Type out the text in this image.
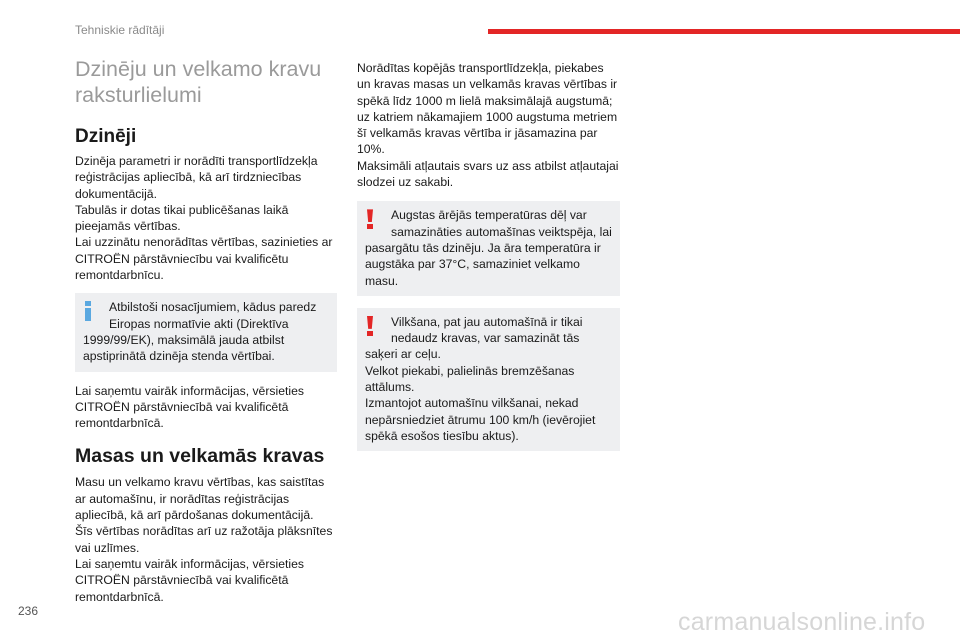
Tehniskie rādītāji
Dzinēju un velkamo kravu raksturlielumi
Dzinēji

Dzinēja parametri ir norādīti transportlīdzekļa reģistrācijas apliecībā, kā arī tirdzniecības dokumentācijā.
Tabulās ir dotas tikai publicēšanas laikā pieejamās vērtības.
Lai uzzinātu nenorādītas vērtības, sazinieties ar CITROËN pārstāvniecību vai kvalificētu remontdarbnīcu.

Atbilstoši nosacījumiem, kādus paredz Eiropas normatīvie akti (Direktīva

1999/99/EK), maksimālā jauda atbilst apstiprinātā dzinēja stenda vērtībai.

Lai saņemtu vairāk informācijas, vērsieties CITROËN pārstāvniecībā vai kvalificētā remontdarbnīcā.

Masas un velkamās kravas

Masu un velkamo kravu vērtības, kas saistītas ar automašīnu, ir norādītas reģistrācijas apliecībā, kā arī pārdošanas dokumentācijā.
Šīs vērtības norādītas arī uz ražotāja plāksnītes vai uzlīmes.
Lai saņemtu vairāk informācijas, vērsieties CITROËN pārstāvniecībā vai kvalificētā remontdarbnīcā.

Norādītas kopējās transportlīdzekļa, piekabes un kravas masas un velkamās kravas vērtības ir spēkā līdz 1000 m lielā maksimālajā augstumā; uz katriem nākamajiem 1000 augstuma metriem šī velkamās kravas vērtība ir jāsamazina par 10%.
Maksimāli atļautais svars uz ass atbilst atļautajai slodzei uz sakabi.

Augstas ārējās temperatūras dēļ var
samazināties automašīnas veiktspēja, lai

pasargātu tās dzinēju. Ja āra temperatūra ir augstāka par 37°C, samaziniet velkamo masu.

Vilkšana, pat jau automašīnā ir tikai
nedaudz kravas, var samazināt tās

saķeri ar ceļu.
Velkot piekabi, palielinās bremzēšanas attālums.
Izmantojot automašīnu vilkšanai, nekad nepārsniedziet ātrumu 100 km/h (ievērojiet spēkā esošos tiesību aktus).

236	carmanualsonline.info
